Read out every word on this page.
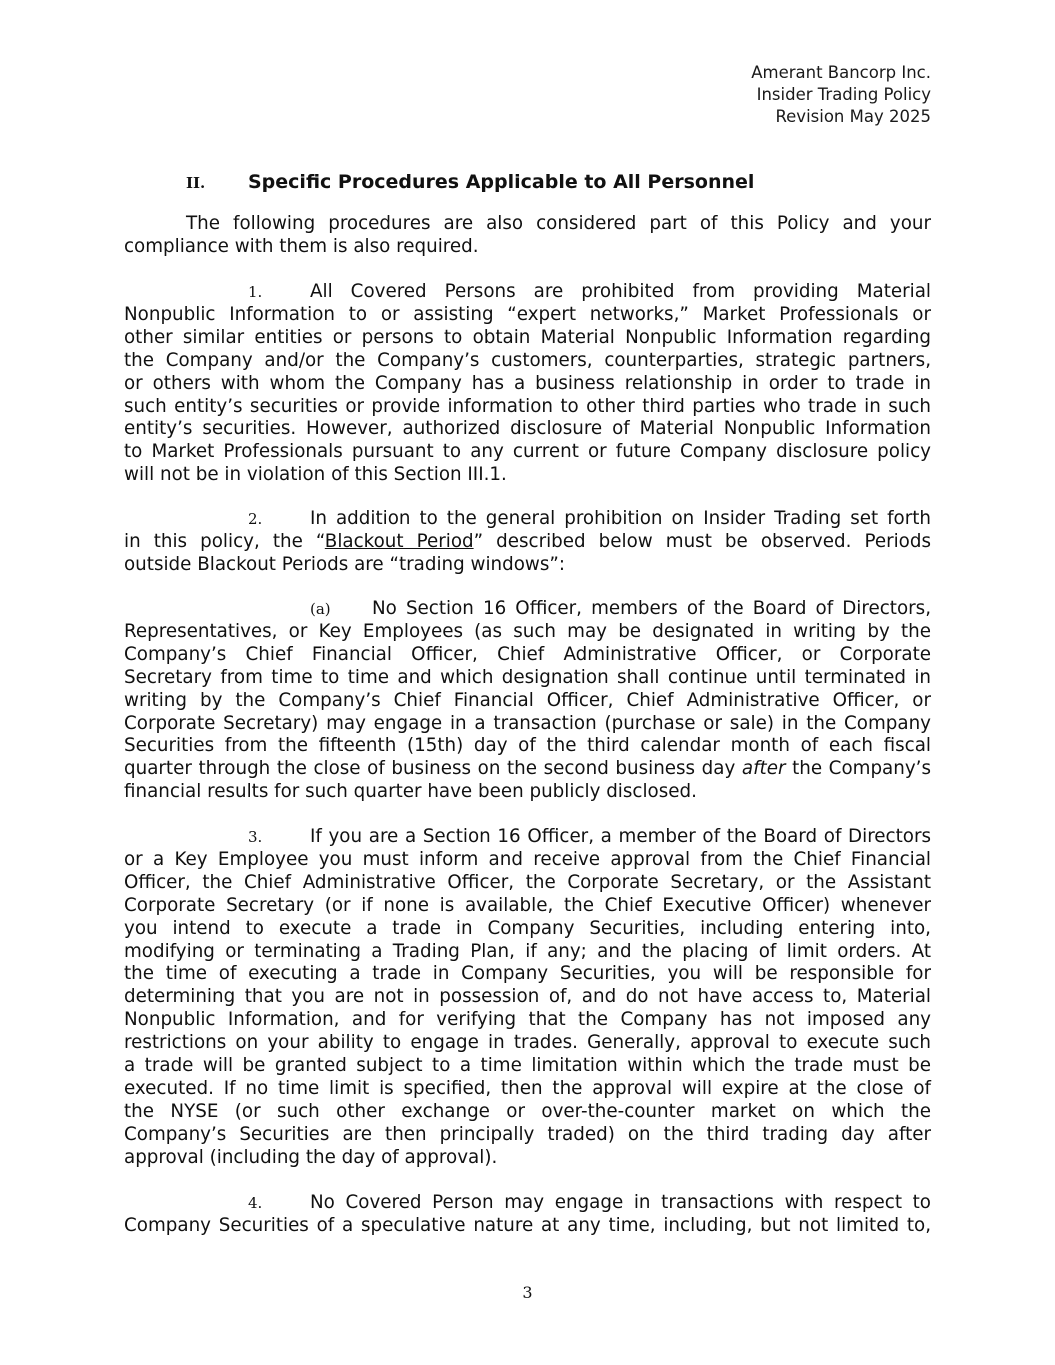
Amerant Bancorp Inc.
Insider Trading Policy
Revision May 2025
II. Specific Procedures Applicable to All Personnel
The following procedures are also considered part of this Policy and your
compliance with them is also required.
1.	All Covered Persons are prohibited from providing Material
Nonpublic Information to or assisting “expert networks,” Market Professionals or
other similar entities or persons to obtain Material Nonpublic Information regarding
the Company and/or the Company’s customers, counterparties, strategic partners,
or others with whom the Company has a business relationship in order to trade in
such entity’s securities or provide information to other third parties who trade in such
entity’s securities. However, authorized disclosure of Material Nonpublic Information
to Market Professionals pursuant to any current or future Company disclosure policy
will not be in violation of this Section III.1.
2.	In addition to the general prohibition on Insider Trading set forth
in this policy, the “Blackout Period” described below must be observed. Periods
outside Blackout Periods are “trading windows”:
(a) No Section 16 Officer, members of the Board of Directors,
Representatives, or Key Employees (as such may be designated in writing by the
Company’s Chief Financial Officer, Chief Administrative Officer, or Corporate
Secretary from time to time and which designation shall continue until terminated in
writing by the Company’s Chief Financial Officer, Chief Administrative Officer, or
Corporate Secretary) may engage in a transaction (purchase or sale) in the Company
Securities from the fifteenth (15th) day of the third calendar month of each fiscal
quarter through the close of business on the second business day after the Company’s
financial results for such quarter have been publicly disclosed.
3.	If you are a Section 16 Officer, a member of the Board of Directors
or a Key Employee you must inform and receive approval from the Chief Financial
Officer, the Chief Administrative Officer, the Corporate Secretary, or the Assistant
Corporate Secretary (or if none is available, the Chief Executive Officer) whenever
you intend to execute a trade in Company Securities, including entering into,
modifying or terminating a Trading Plan, if any; and the placing of limit orders. At
the time of executing a trade in Company Securities, you will be responsible for
determining that you are not in possession of, and do not have access to, Material
Nonpublic Information, and for verifying that the Company has not imposed any
restrictions on your ability to engage in trades. Generally, approval to execute such
a trade will be granted subject to a time limitation within which the trade must be
executed. If no time limit is specified, then the approval will expire at the close of
the NYSE (or such other exchange or over-the-counter market on which the
Company’s Securities are then principally traded) on the third trading day after
approval (including the day of approval).
4.	No Covered Person may engage in transactions with respect to
Company Securities of a speculative nature at any time, including, but not limited to,
3
